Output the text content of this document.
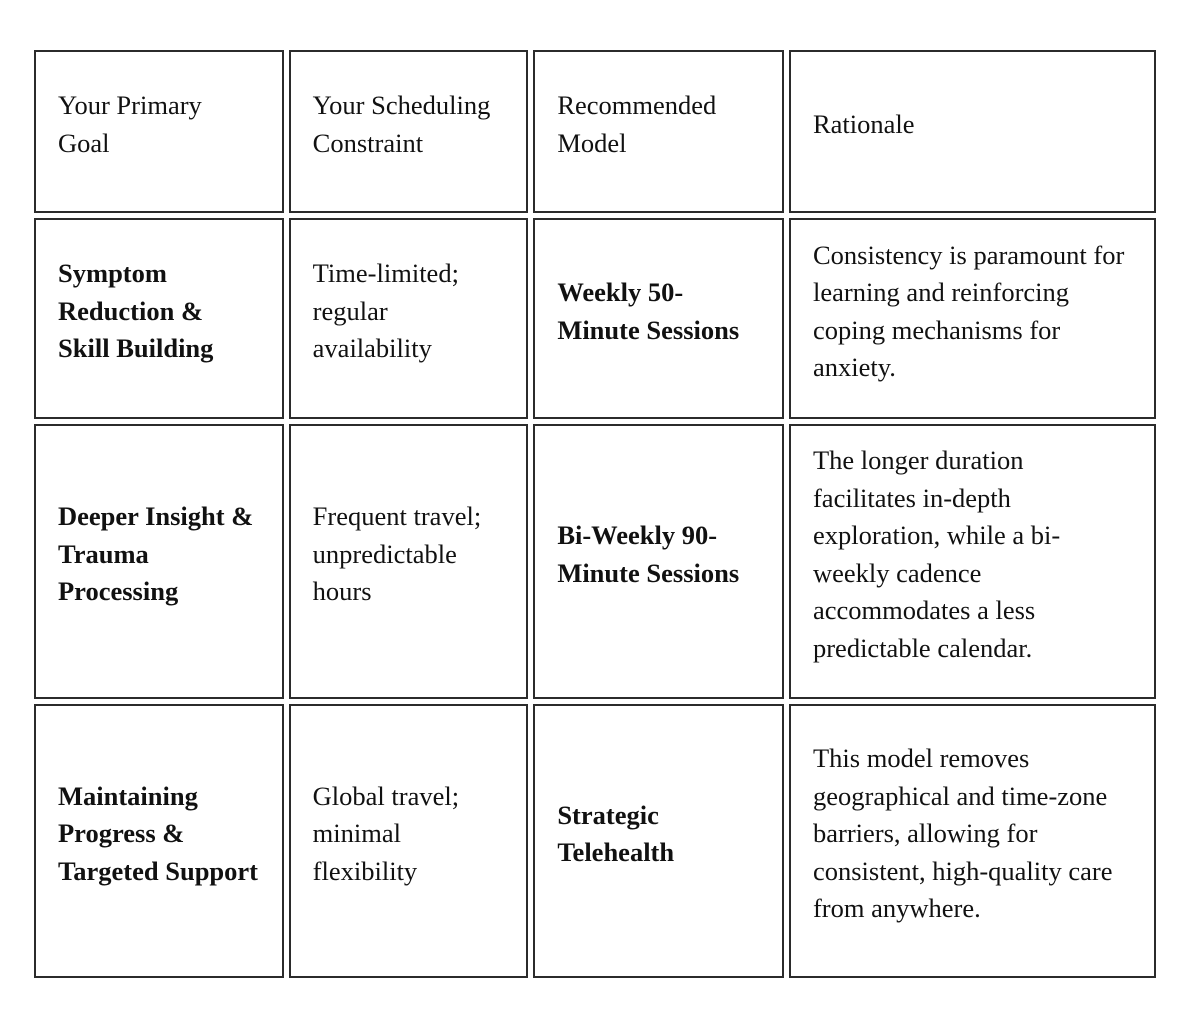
Your Primary Goal	Your Scheduling Constraint	Recommended Model	Rationale

Symptom Reduction & Skill Building	Time-limited; regular availability	Weekly 50-Minute Sessions	Consistency is paramount for learning and reinforcing coping mechanisms for anxiety.

Deeper Insight & Trauma Processing	Frequent travel; unpredictable hours	Bi-Weekly 90-Minute Sessions	The longer duration facilitates in-depth exploration, while a bi-weekly cadence accommodates a less predictable calendar.

Maintaining Progress & Targeted Support	Global travel; minimal flexibility	Strategic Telehealth	This model removes geographical and time-zone barriers, allowing for consistent, high-quality care from anywhere.
